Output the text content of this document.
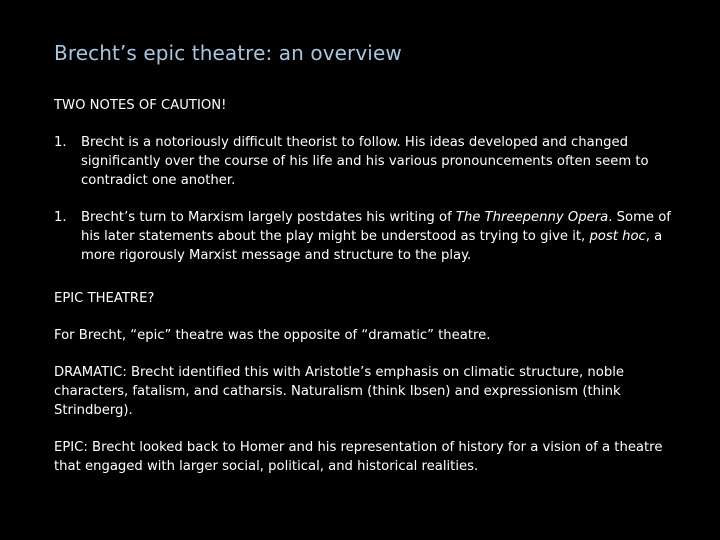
Brecht’s epic theatre: an overview

TWO NOTES OF CAUTION!

1. Brecht is a notoriously difficult theorist to follow. His ideas developed and changed significantly over the course of his life and his various pronouncements often seem to contradict one another.
1. Brecht’s turn to Marxism largely postdates his writing of The Threepenny Opera. Some of his later statements about the play might be understood as trying to give it, post hoc, a more rigorously Marxist message and structure to the play.

EPIC THEATRE?

For Brecht, “epic” theatre was the opposite of “dramatic” theatre.

DRAMATIC: Brecht identified this with Aristotle’s emphasis on climatic structure, noble characters, fatalism, and catharsis. Naturalism (think Ibsen) and expressionism (think Strindberg).

EPIC: Brecht looked back to Homer and his representation of history for a vision of a theatre that engaged with larger social, political, and historical realities.
